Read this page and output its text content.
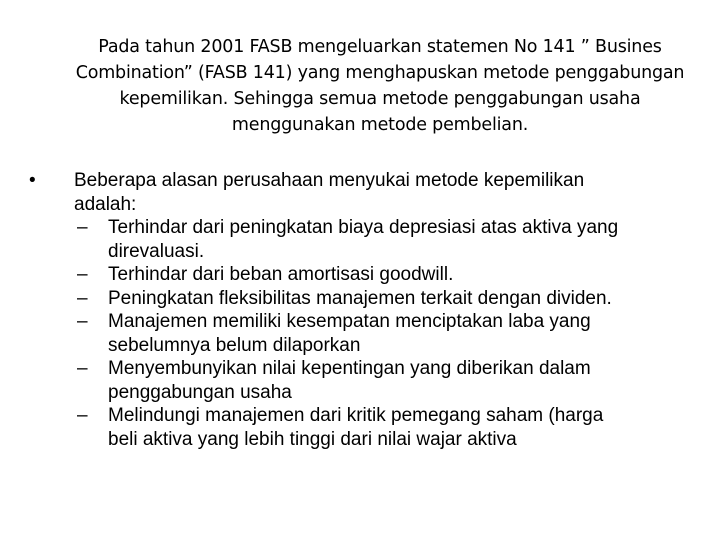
Pada tahun 2001 FASB mengeluarkan statemen No 141 ” Busines
Combination” (FASB 141) yang menghapuskan metode penggabungan
kepemilikan. Sehingga semua metode penggabungan usaha
menggunakan metode pembelian.
• Beberapa alasan perusahaan menyukai metode kepemilikan
adalah:
– Terhindar dari peningkatan biaya depresiasi atas aktiva yang
direvaluasi.
– Terhindar dari beban amortisasi goodwill.
– Peningkatan fleksibilitas manajemen terkait dengan dividen.
– Manajemen memiliki kesempatan menciptakan laba yang
sebelumnya belum dilaporkan
– Menyembunyikan nilai kepentingan yang diberikan dalam
penggabungan usaha
– Melindungi manajemen dari kritik pemegang saham (harga
beli aktiva yang lebih tinggi dari nilai wajar aktiva
